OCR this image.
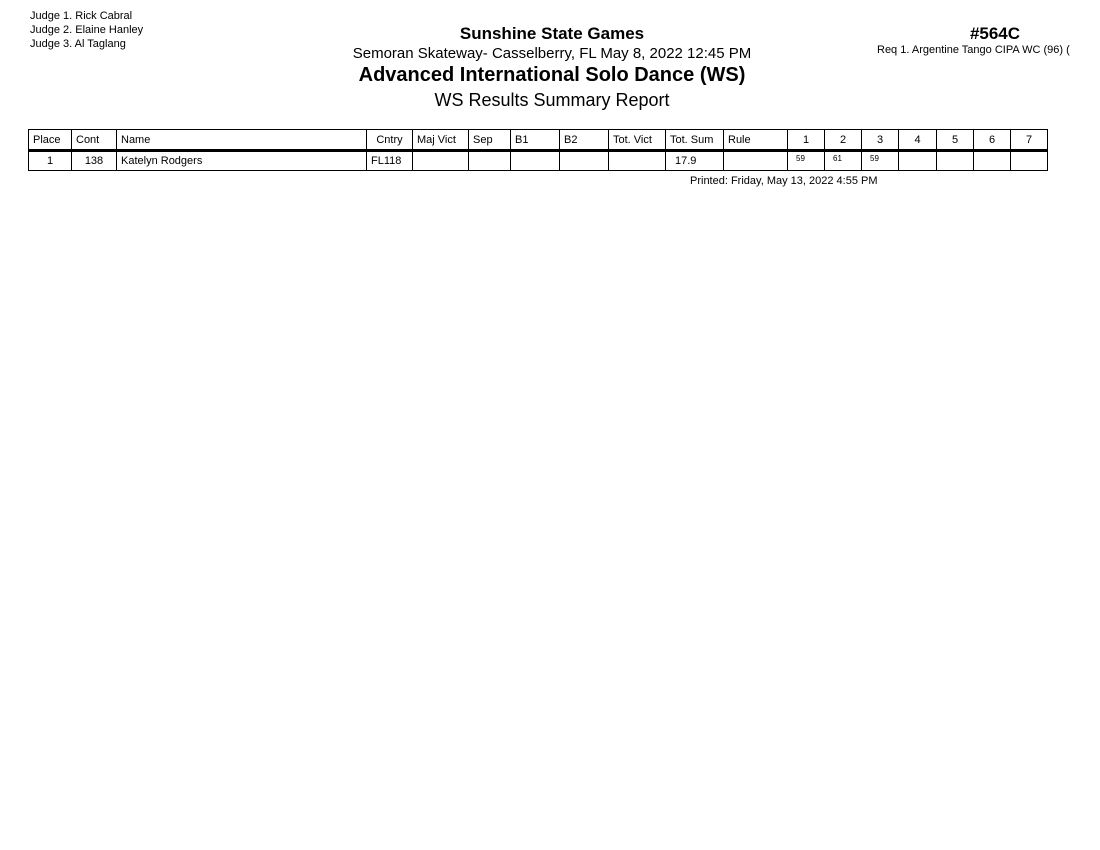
Judge 1. Rick Cabral
Judge 2. Elaine Hanley
Judge 3. Al Taglang
Sunshine State Games
Semoran Skateway- Casselberry, FL May 8, 2022 12:45 PM
Advanced International Solo Dance (WS)
WS Results Summary Report
#564C
Req 1. Argentine Tango CIPA WC (96) (
Place	Cont	Name	Cntry	Maj Vict	Sep	B1	B2	Tot. Vict	Tot. Sum	Rule	1	2	3	4	5	6	7
1	138	Katelyn Rodgers	FL118						17.9		59	61	59				
Printed: Friday, May 13, 2022 4:55 PM
